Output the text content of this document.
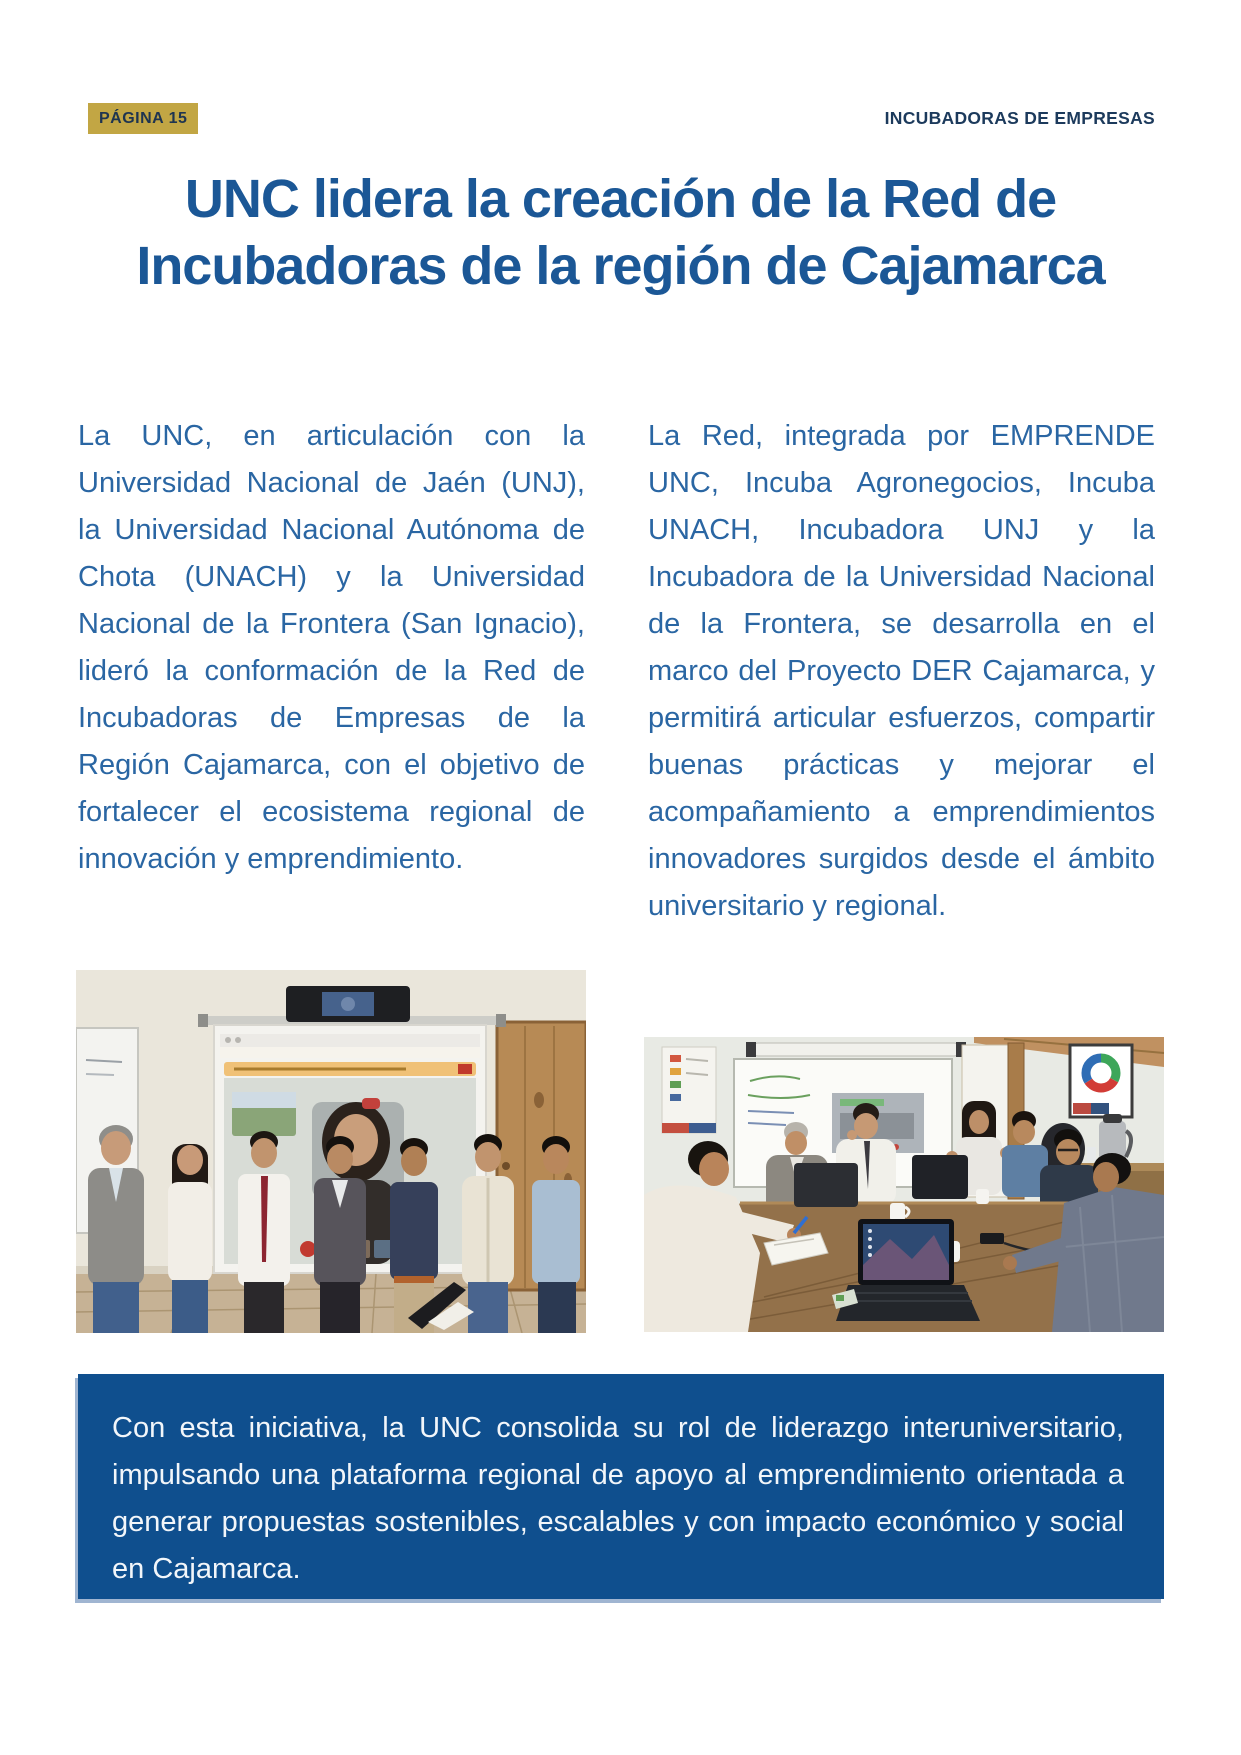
PÁGINA 15	INCUBADORAS DE EMPRESAS
UNC lidera la creación de la Red de Incubadoras de la región de Cajamarca

La UNC, en articulación con la Universidad Nacional de Jaén (UNJ), la Universidad Nacional Autónoma de Chota (UNACH) y la Universidad Nacional de la Frontera (San Ignacio), lideró la conformación de la Red de Incubadoras de Empresas de la Región Cajamarca, con el objetivo de fortalecer el ecosistema regional de innovación y emprendimiento.

La Red, integrada por EMPRENDE UNC, Incuba Agronegocios, Incuba UNACH, Incubadora UNJ y la Incubadora de la Universidad Nacional de la Frontera, se desarrolla en el marco del Proyecto DER Cajamarca, y permitirá articular esfuerzos, compartir buenas prácticas y mejorar el acompañamiento a emprendimientos innovadores surgidos desde el ámbito universitario y regional.

Con esta iniciativa, la UNC consolida su rol de liderazgo interuniversitario, impulsando una plataforma regional de apoyo al emprendimiento orientada a generar propuestas sostenibles, escalables y con impacto económico y social en Cajamarca.
